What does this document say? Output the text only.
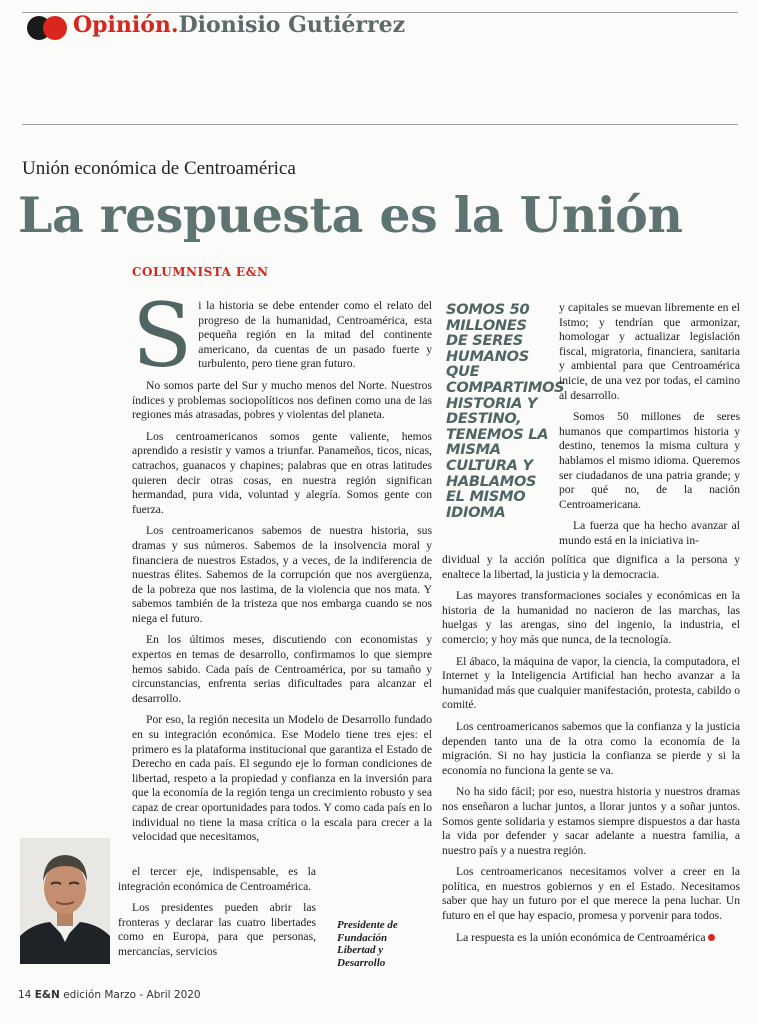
Opinión.Dionisio Gutiérrez
Unión económica de Centroamérica
La respuesta es la Unión
COLUMNISTA E&N

Si la historia se debe entender como el relato del progreso de la humanidad, Centroamérica, esta pequeña región en la mitad del continente americano, da cuentas de un pasado fuerte y turbulento, pero tiene gran futuro.

No somos parte del Sur y mucho menos del Norte. Nuestros índices y problemas sociopolíticos nos definen como una de las regiones más atrasadas, pobres y violentas del planeta.

Los centroamericanos somos gente valiente, hemos aprendido a resistir y vamos a triunfar. Panameños, ticos, nicas, catrachos, guanacos y chapines; palabras que en otras latitudes quieren decir otras cosas, en nuestra región significan hermandad, pura vida, voluntad y alegría. Somos gente con fuerza.

Los centroamericanos sabemos de nuestra historia, sus dramas y sus números. Sabemos de la insolvencia moral y financiera de nuestros Estados, y a veces, de la indiferencia de nuestras élites. Sabemos de la corrupción que nos avergüenza, de la pobreza que nos lastima, de la violencia que nos mata. Y sabemos también de la tristeza que nos embarga cuando se nos niega el futuro.

En los últimos meses, discutiendo con economistas y expertos en temas de desarrollo, confirmamos lo que siempre hemos sabido. Cada país de Centroamérica, por su tamaño y circunstancias, enfrenta serias dificultades para alcanzar el desarrollo.

Por eso, la región necesita un Modelo de Desarrollo fundado en su integración económica. Ese Modelo tiene tres ejes: el primero es la plataforma institucional que garantiza el Estado de Derecho en cada país. El segundo eje lo forman condiciones de libertad, respeto a la propiedad y confianza en la inversión para que la economía de la región tenga un crecimiento robusto y sea capaz de crear oportunidades para todos. Y como cada país en lo individual no tiene la masa crítica o la escala para crecer a la velocidad que necesitamos,

el tercer eje, indispensable, es la integración económica de Centroamérica.

Los presidentes pueden abrir las fronteras y declarar las cuatro libertades como en Europa, para que personas, mercancías, servicios

SOMOS 50 MILLONES DE SERES HUMANOS QUE COMPARTIMOS HISTORIA Y DESTINO, TENEMOS LA MISMA CULTURA Y HABLAMOS EL MISMO IDIOMA

y capitales se muevan libremente en el Istmo; y tendrían que armonizar, homologar y actualizar legislación fiscal, migratoria, financiera, sanitaria y ambiental para que Centroamérica inicie, de una vez por todas, el camino al desarrollo.

Somos 50 millones de seres humanos que compartimos historia y destino, tenemos la misma cultura y hablamos el mismo idioma. Queremos ser ciudadanos de una patria grande; y por qué no, de la nación Centroamericana.

La fuerza que ha hecho avanzar al mundo está en la iniciativa in-

dividual y la acción política que dignifica a la persona y enaltece la libertad, la justicia y la democracia.

Las mayores transformaciones sociales y económicas en la historia de la humanidad no nacieron de las marchas, las huelgas y las arengas, sino del ingenio, la industria, el comercio; y hoy más que nunca, de la tecnología.

El ábaco, la máquina de vapor, la ciencia, la computadora, el Internet y la Inteligencia Artificial han hecho avanzar a la humanidad más que cualquier manifestación, protesta, cabildo o comité.

Los centroamericanos sabemos que la confianza y la justicia dependen tanto una de la otra como la economía de la migración. Si no hay justicia la confianza se pierde y si la economía no funciona la gente se va.

No ha sido fácil; por eso, nuestra historia y nuestros dramas nos enseñaron a luchar juntos, a llorar juntos y a soñar juntos. Somos gente solidaria y estamos siempre dispuestos a dar hasta la vida por defender y sacar adelante a nuestra familia, a nuestro país y a nuestra región.

Los centroamericanos necesitamos volver a creer en la política, en nuestros gobiernos y en el Estado. Necesitamos saber que hay un futuro por el que merece la pena luchar. Un futuro en el que hay espacio, promesa y porvenir para todos.

La respuesta es la unión económica de Centroamérica

Presidente de Fundación Libertad y Desarrollo
14 E&N edición Marzo - Abril 2020
